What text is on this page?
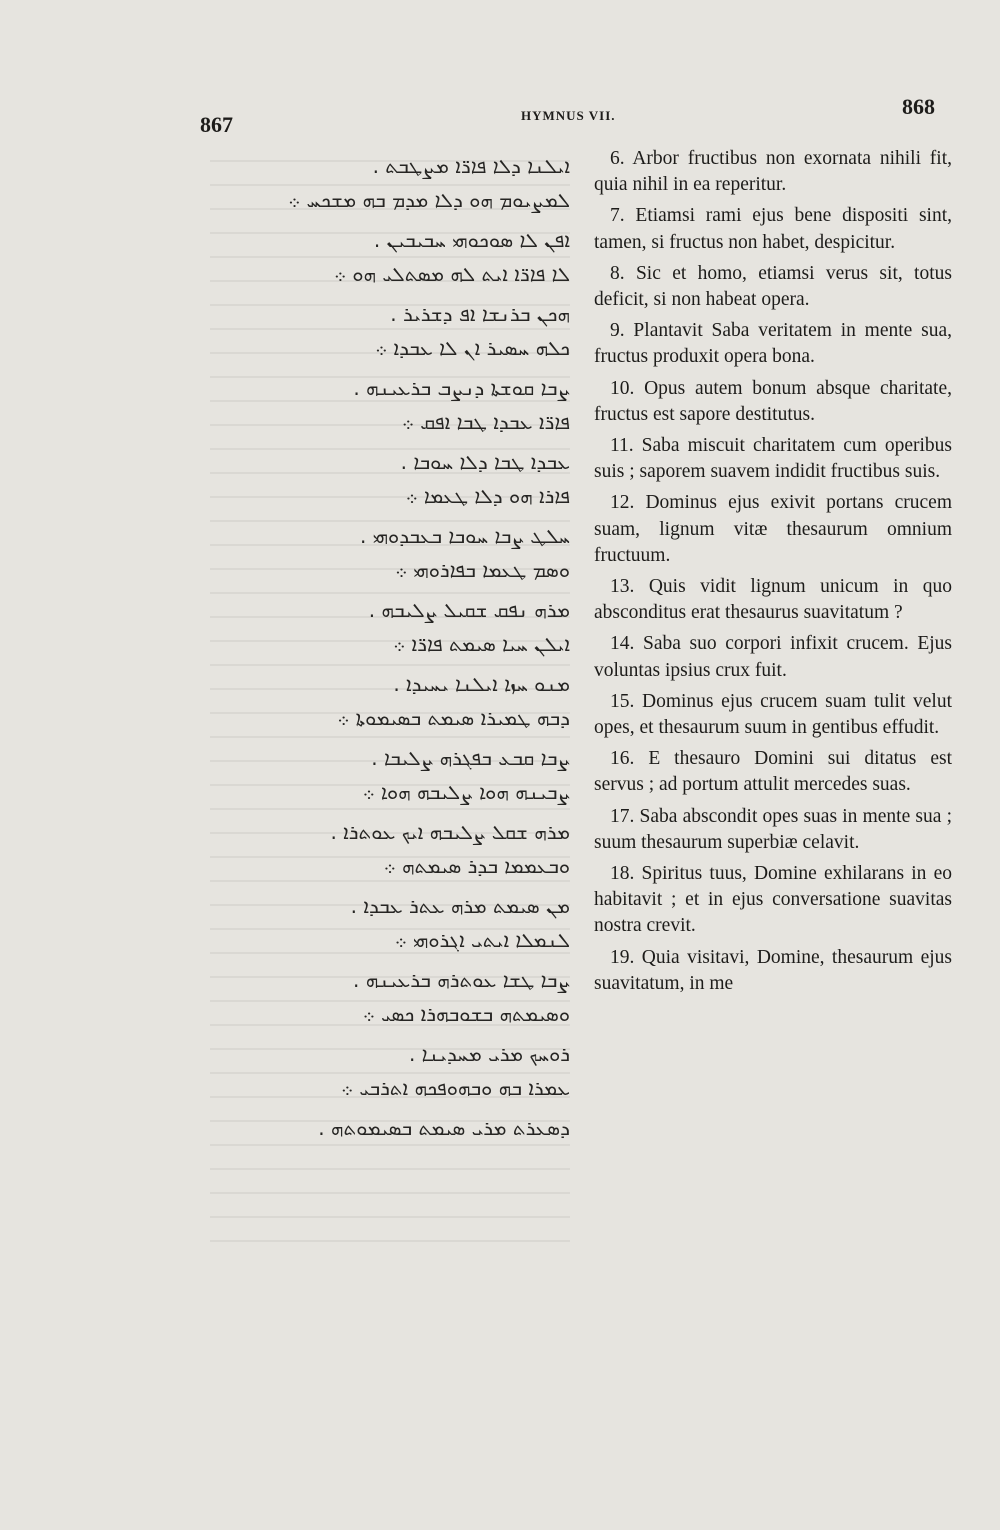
867	HYMNUS VII.	868
ܐܝܠܢܐ ܕܠܐ ܦܐܪ̈ܐ ܡܨܛܒܬ .
ܠܡܨܝܘܡ ܗܘ ܕܠܐ ܡܕܡ ܒܗ ܡܫܟܚ ܀
ܐܦܢ ܠܐ ܣܘܟܘܗܝ ܚܒܝܒܝܢ .
ܠܐ ܦܐܪ̈ܐ ܐܝܬ ܠܗ ܡܣܬܠܝ ܗܘ ܀
ܗܟܢ ܒܪܢܫܐ ܐܦ ܕܫܪܝܪ .
ܟܠܗ ܚܣܝܪ ܐܢ ܠܐ ܥܒܕܐ ܀
ܨܒܐ ܩܘܫܬܐ ܕܢܨܒ ܒܪܥܝܢܗ .
ܦܐܪ̈ܐ ܥܒܕܐ ܛܒܐ ܐܦܩ ܀
ܥܒܕܐ ܛܒܐ ܕܠܐ ܚܘܒܐ .
ܦܐܪܐ ܗܘ ܕܠܐ ܛܥܡܐ ܀
ܚܠܛ ܨܒܐ ܚܘܒܐ ܒܥܒܕܘܗܝ .
ܘܣܡ ܛܥܡܐ ܒܦܐܪܘܗܝ ܀
ܡܪܗ ܢܦܩ ܫܩܝܠ ܨܠܝܒܗ .
ܐܝܠܢ ܚܝܐ ܣܝܡܬ ܦܐܪ̈ܐ ܀
ܡܢܘ ܚܙܐ ܐܝܠܢܐ ܝܚܝܕܐ .
ܕܒܗ ܛܡܝܪܐ ܣܝܡܬ ܒܣܝܡܘܬܐ ܀
ܨܒܐ ܩܒܥ ܒܦܓܪܗ ܨܠܝܒܐ .
ܨܒܝܢܗ ܗܘܐ ܨܠܝܒܗ ܗܘܐ ܀
ܡܪܗ ܫܩܠ ܨܠܝܒܗ ܐܝܟ ܥܘܬܪܐ .
ܘܒܥܡܡܐ ܒܕܪ ܣܝܡܬܗ ܀
ܡܢ ܣܝܡܬ ܡܪܗ ܥܬܪ ܥܒܕܐ .
ܠܢܡܠܐ ܐܝܬܝ ܐܓܪܘܗܝ ܀
ܨܒܐ ܛܫܐ ܥܘܬܪܗ ܒܪܥܝܢܗ .
ܘܣܝܡܬܗ ܒܫܘܒܗܪܐ ܟܣܝ ܀
ܪܘܚܟ ܡܪܝ ܡܚܕܝܢܐ .
ܥܡܪܐ ܒܗ ܘܒܗܘܦܟܗ ܐܬܪܒܝ ܀
ܕܣܥܪܬ ܡܪܝ ܣܝܡܬ ܒܣܝܡܘܬܗ .

6. Arbor fructibus non exornata nihili fit, quia nihil in ea reperitur.

7. Etiamsi rami ejus bene dispositi sint, tamen, si fructus non habet, despicitur.

8. Sic et homo, etiamsi verus sit, totus deficit, si non habeat opera.

9. Plantavit Saba veritatem in mente sua, fructus produxit opera bona.

10. Opus autem bonum absque charitate, fructus est sapore destitutus.

11. Saba miscuit charitatem cum operibus suis ; saporem suavem indidit fructibus suis.

12. Dominus ejus exivit portans crucem suam, lignum vitæ thesaurum omnium fructuum.

13. Quis vidit lignum unicum in quo absconditus erat thesaurus suavitatum ?

14. Saba suo corpori infixit crucem. Ejus voluntas ipsius crux fuit.

15. Dominus ejus crucem suam tulit velut opes, et thesaurum suum in gentibus effudit.

16. E thesauro Domini sui ditatus est servus ; ad portum attulit mercedes suas.

17. Saba abscondit opes suas in mente sua ; suum thesaurum superbiæ celavit.

18. Spiritus tuus, Domine exhilarans in eo habitavit ; et in ejus conversatione suavitas nostra crevit.

19. Quia visitavi, Domine, thesaurum ejus suavitatum, in me
